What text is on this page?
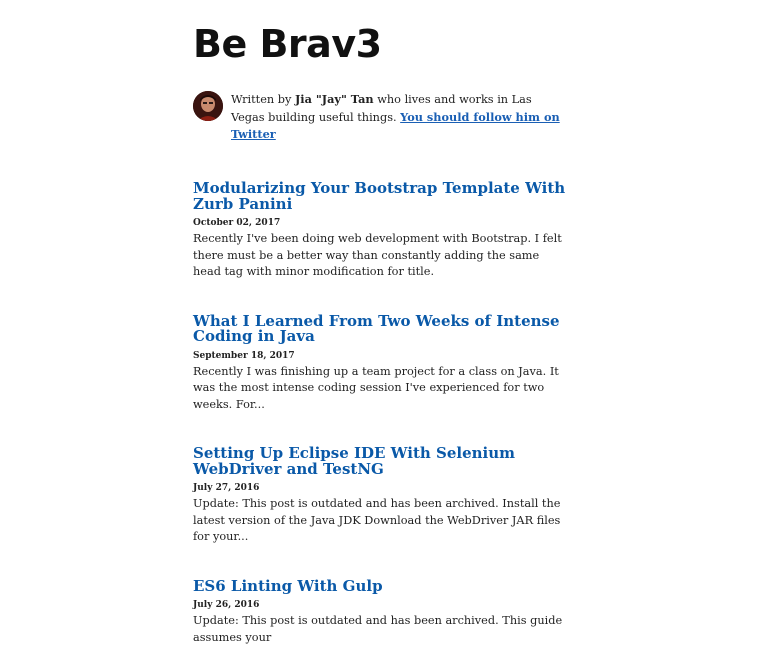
Be Brav3
Written by Jia "Jay" Tan who lives and works in Las Vegas building useful things. You should follow him on Twitter
Modularizing Your Bootstrap Template With Zurb Panini
October 02, 2017

Recently I've been doing web development with Bootstrap. I felt there must be a better way than constantly adding the same head tag with minor modification for title.

What I Learned From Two Weeks of Intense Coding in Java
September 18, 2017

Recently I was finishing up a team project for a class on Java. It was the most intense coding session I've experienced for two weeks. For...

Setting Up Eclipse IDE With Selenium WebDriver and TestNG
July 27, 2016

Update: This post is outdated and has been archived. Install the latest version of the Java JDK Download the WebDriver JAR files for your...

ES6 Linting With Gulp
July 26, 2016

Update: This post is outdated and has been archived. This guide assumes your
